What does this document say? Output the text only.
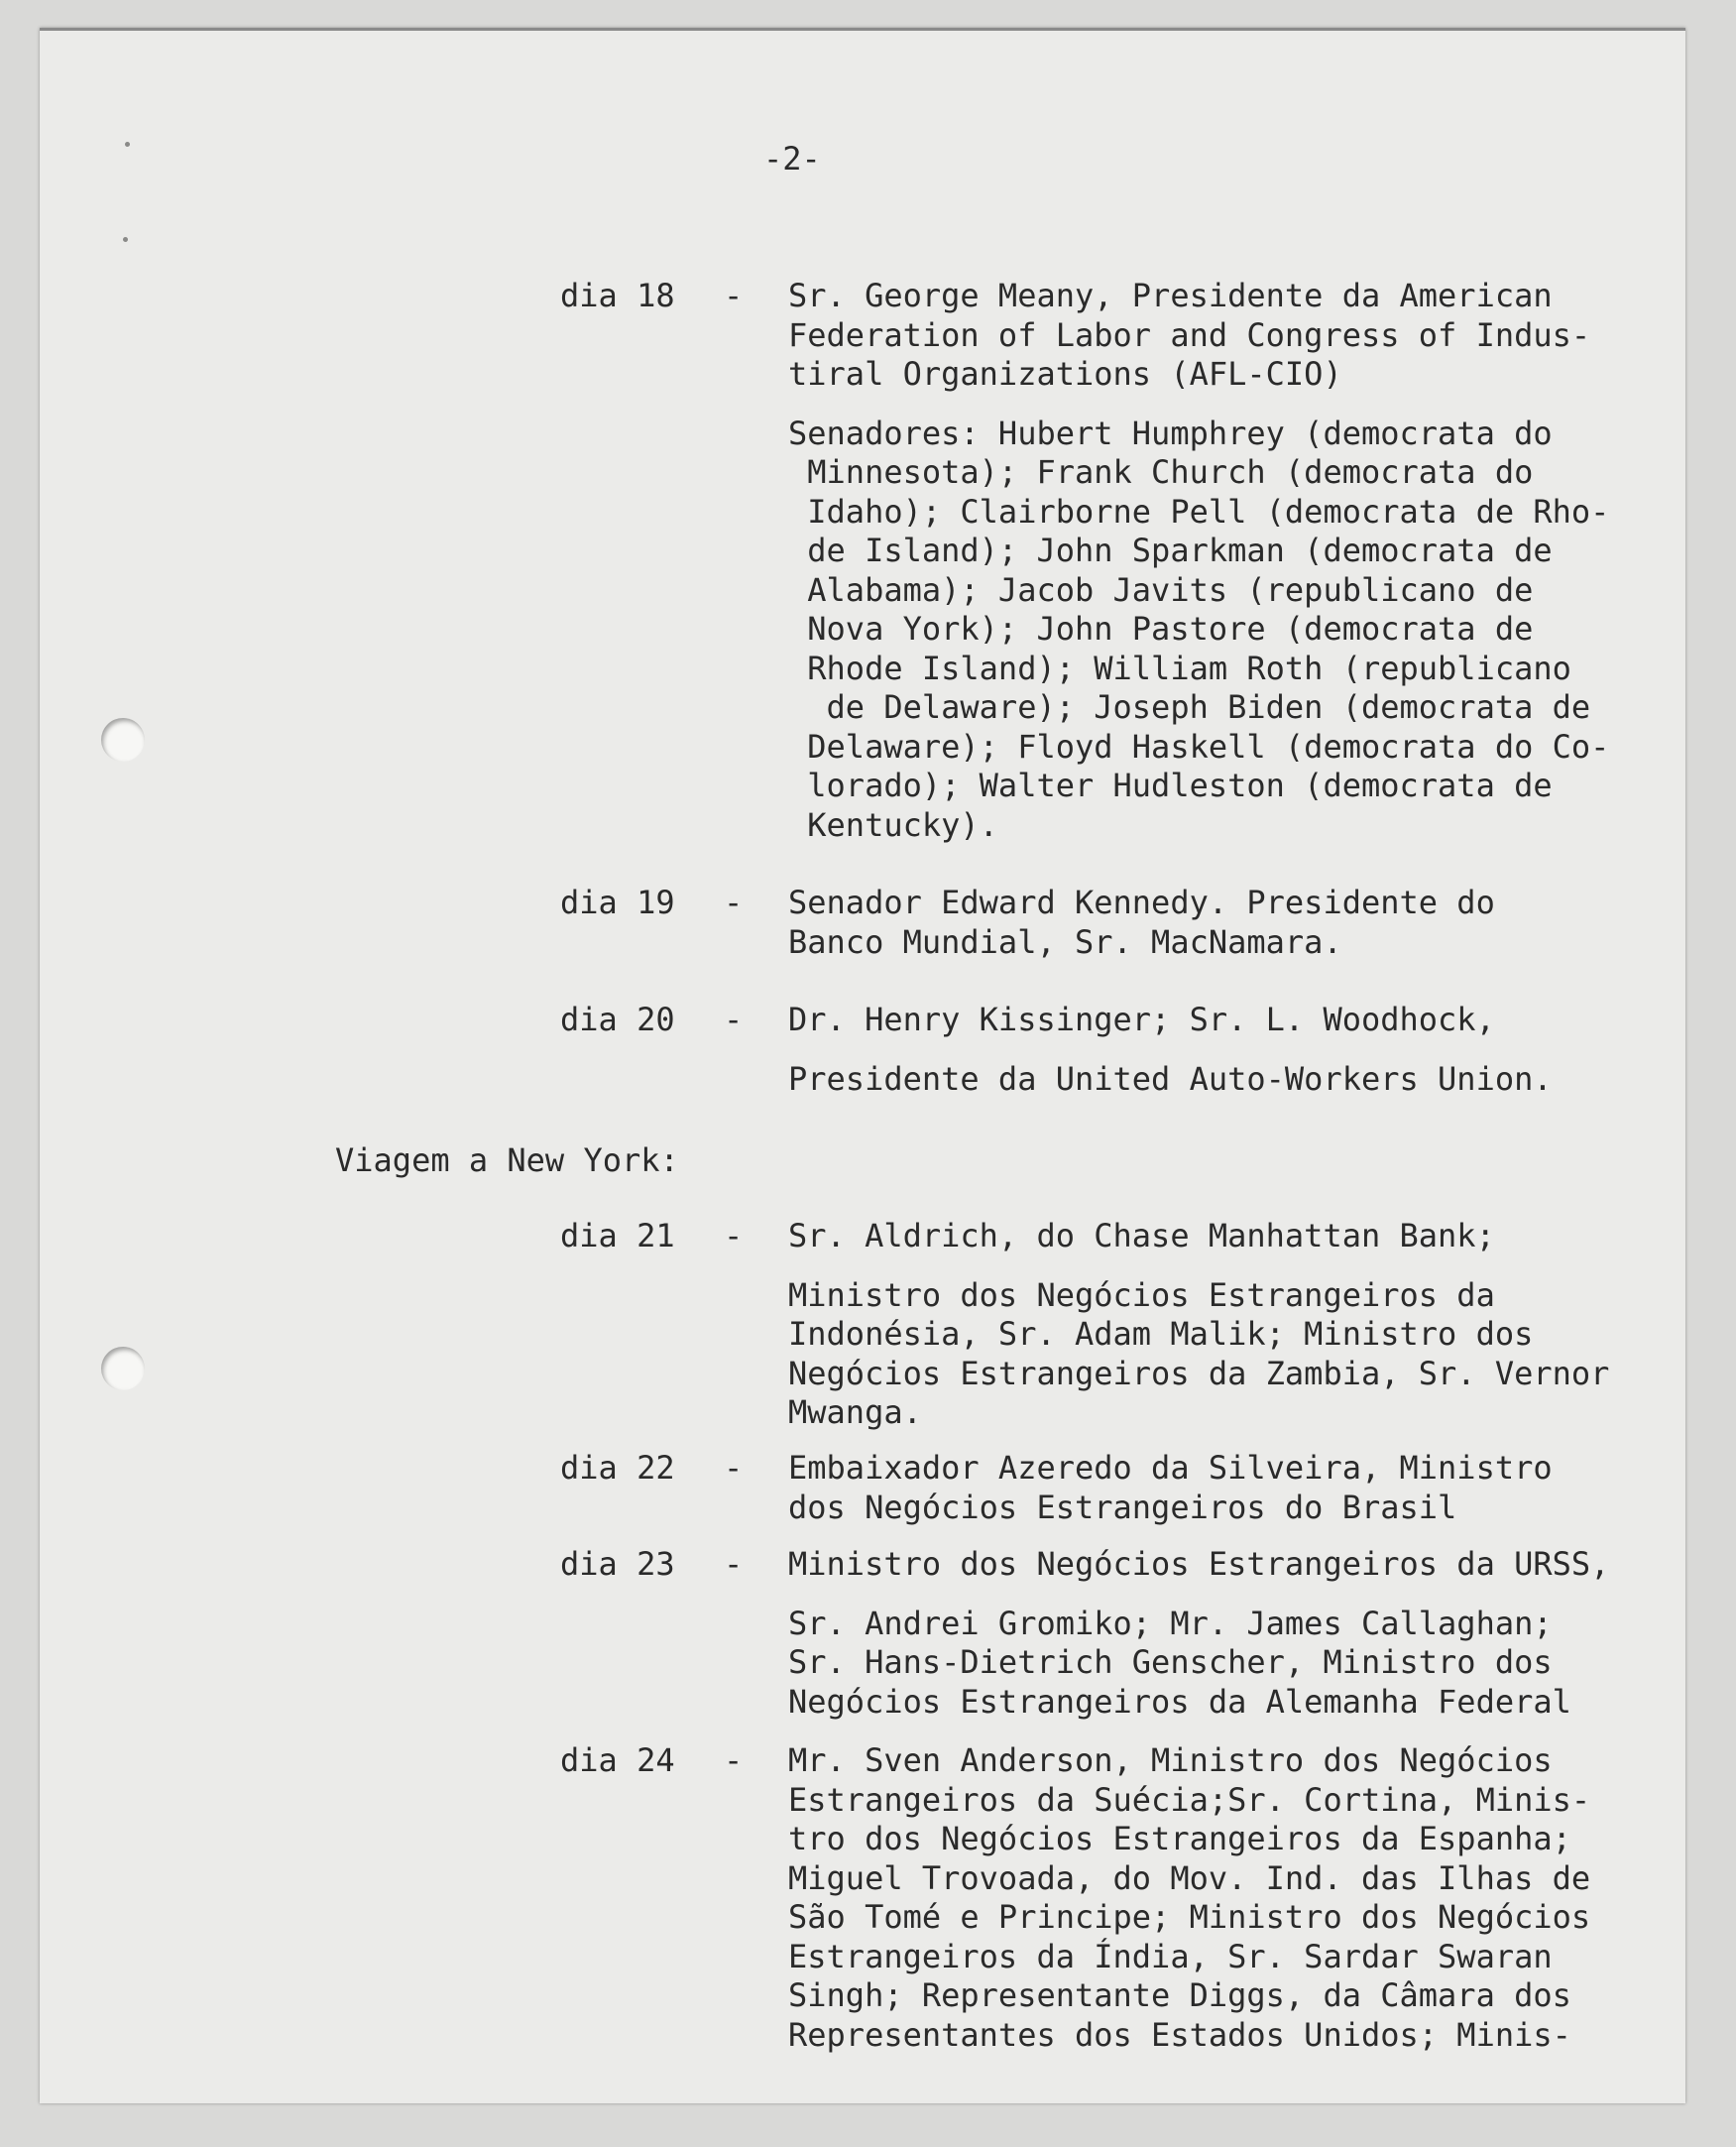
-2-
dia 18 - Sr. George Meany, Presidente da American
Federation of Labor and Congress of Indus-
tiral Organizations (AFL-CIO)
Senadores: Hubert Humphrey (democrata do
Minnesota); Frank Church (democrata do
Idaho); Clairborne Pell (democrata de Rho-
de Island); John Sparkman (democrata de
Alabama); Jacob Javits (republicano de
Nova York); John Pastore (democrata de
Rhode Island); William Roth (republicano
de Delaware); Joseph Biden (democrata de
Delaware); Floyd Haskell (democrata do Co-
lorado); Walter Hudleston (democrata de
Kentucky).
dia 19 - Senador Edward Kennedy. Presidente do
Banco Mundial, Sr. MacNamara.
dia 20 - Dr. Henry Kissinger; Sr. L. Woodhock,
Presidente da United Auto-Workers Union.
Viagem a New York:
dia 21 - Sr. Aldrich, do Chase Manhattan Bank;
Ministro dos Negócios Estrangeiros da
Indonésia, Sr. Adam Malik; Ministro dos
Negócios Estrangeiros da Zambia, Sr. Vernor
Mwanga.
dia 22 - Embaixador Azeredo da Silveira, Ministro
dos Negócios Estrangeiros do Brasil
dia 23 - Ministro dos Negócios Estrangeiros da URSS,
Sr. Andrei Gromiko; Mr. James Callaghan;
Sr. Hans-Dietrich Genscher, Ministro dos
Negócios Estrangeiros da Alemanha Federal
dia 24 - Mr. Sven Anderson, Ministro dos Negócios
Estrangeiros da Suécia;Sr. Cortina, Minis-
tro dos Negócios Estrangeiros da Espanha;
Miguel Trovoada, do Mov. Ind. das Ilhas de
São Tomé e Principe; Ministro dos Negócios
Estrangeiros da Índia, Sr. Sardar Swaran
Singh; Representante Diggs, da Câmara dos
Representantes dos Estados Unidos; Minis-
